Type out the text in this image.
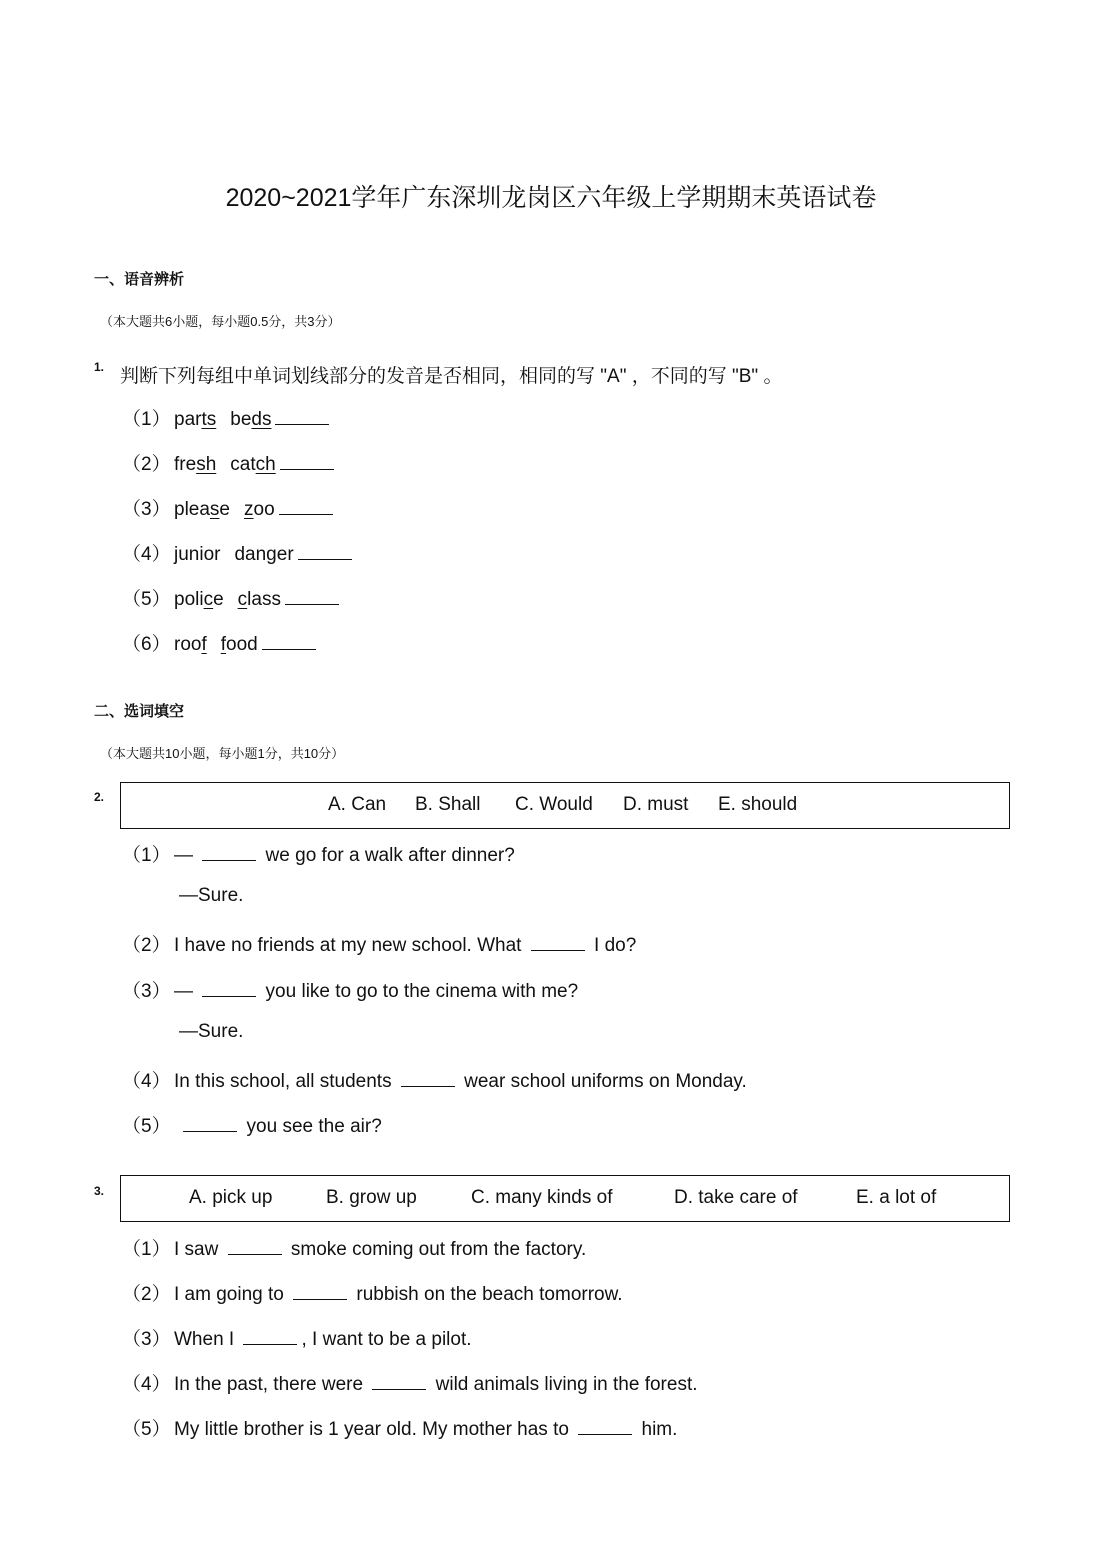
2020~2021学年广东深圳龙岗区六年级上学期期末英语试卷
一、语音辨析
（本大题共6小题，每小题0.5分，共3分）
1. 判断下列每组中单词划线部分的发音是否相同，相同的写 "A" ，不同的写 "B" 。
（1） parts beds
（2） fresh catch
（3） please zoo
（4） junior danger
（5） police class
（6） roof food
二、选词填空
（本大题共10小题，每小题1分，共10分）
2.	A. Can B. Shall C. Would D. must E. should
（1） —	we go for a walk after dinner?
—Sure.
（2） I have no friends at my new school. What	I do?
（3） —	you like to go to the cinema with me?
—Sure.
（4） In this school, all students	wear school uniforms on Monday.
（5）	you see the air?
3.	A. pick up	B. grow up	C. many kinds of	D. take care of	E. a lot of
（1） I saw	smoke coming out from the factory.
（2） I am going to	rubbish on the beach tomorrow.
（3） When I	, I want to be a pilot.
（4） In the past, there were	wild animals living in the forest.
（5） My little brother is 1 year old. My mother has to	him.
